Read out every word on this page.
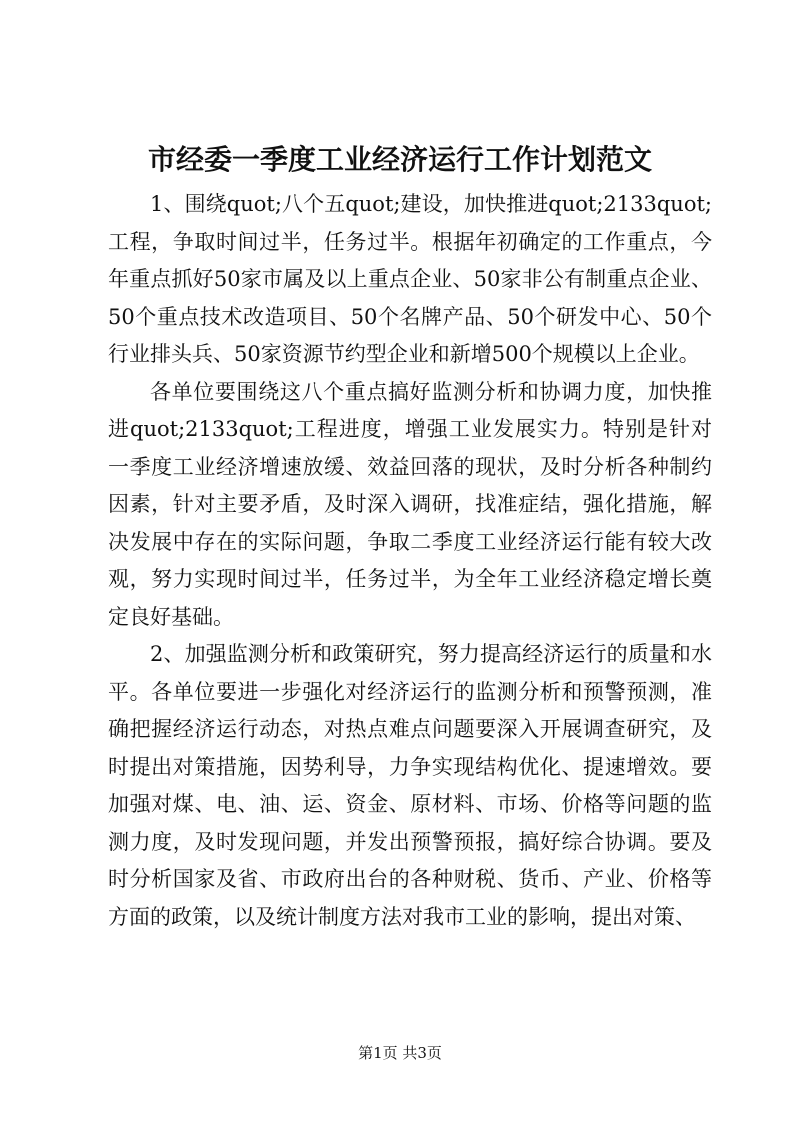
市经委一季度工业经济运行工作计划范文

1、围绕quot;八个五quot;建设，加快推进quot;2133quot;工程，争取时间过半，任务过半。根据年初确定的工作重点，今年重点抓好50家市属及以上重点企业、50家非公有制重点企业、50个重点技术改造项目、50个名牌产品、50个研发中心、50个行业排头兵、50家资源节约型企业和新增500个规模以上企业。

各单位要围绕这八个重点搞好监测分析和协调力度，加快推进quot;2133quot;工程进度，增强工业发展实力。特别是针对一季度工业经济增速放缓、效益回落的现状，及时分析各种制约因素，针对主要矛盾，及时深入调研，找准症结，强化措施，解决发展中存在的实际问题，争取二季度工业经济运行能有较大改观，努力实现时间过半，任务过半，为全年工业经济稳定增长奠定良好基础。

2、加强监测分析和政策研究，努力提高经济运行的质量和水平。各单位要进一步强化对经济运行的监测分析和预警预测，准确把握经济运行动态，对热点难点问题要深入开展调查研究，及时提出对策措施，因势利导，力争实现结构优化、提速增效。要加强对煤、电、油、运、资金、原材料、市场、价格等问题的监测力度，及时发现问题，并发出预警预报，搞好综合协调。要及时分析国家及省、市政府出台的各种财税、货币、产业、价格等方面的政策，以及统计制度方法对我市工业的影响，提出对策、

第1页 共3页
